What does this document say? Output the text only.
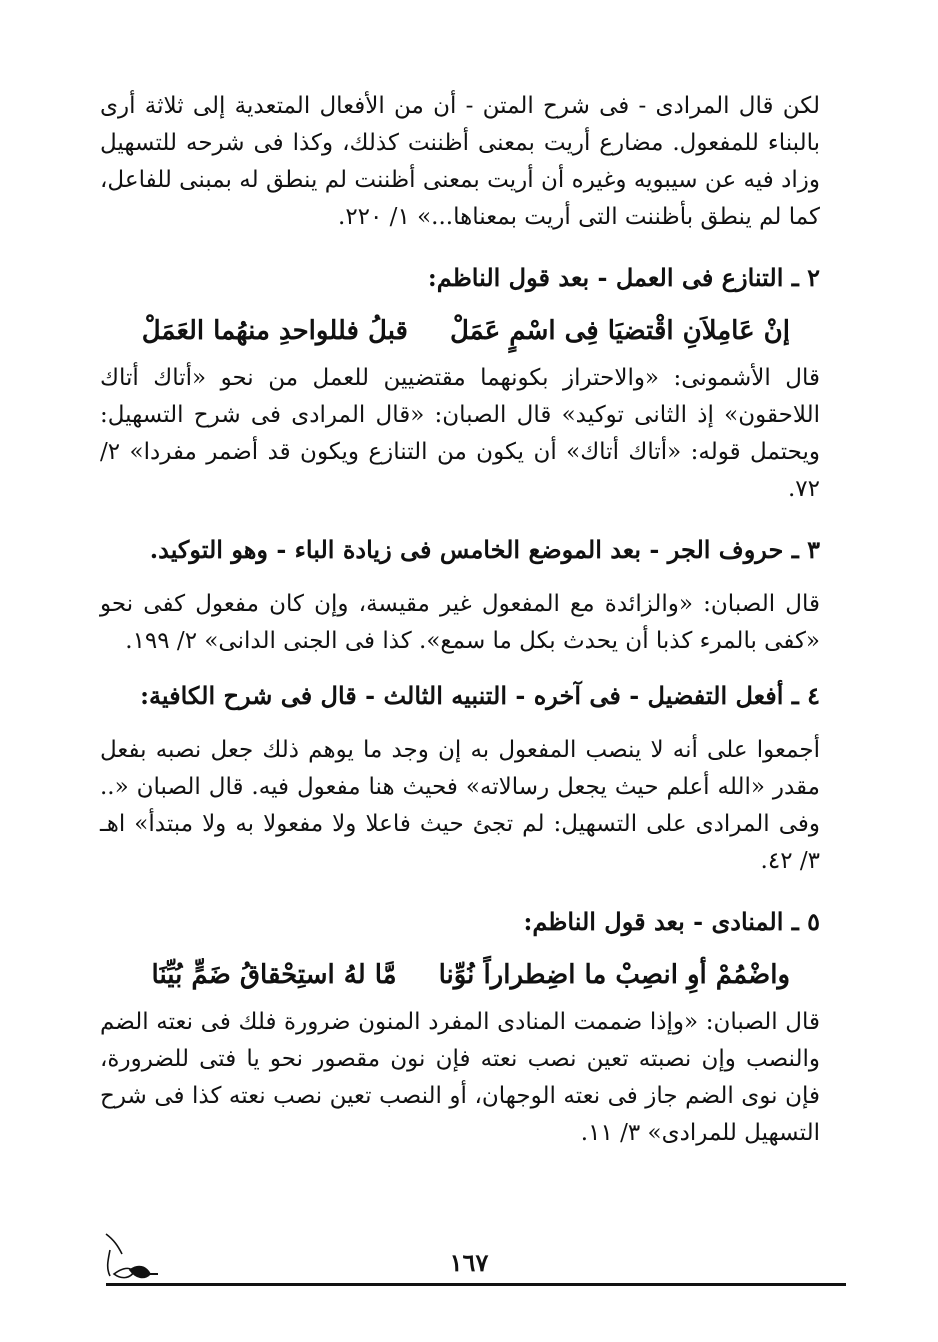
لكن قال المرادى - فى شرح المتن - أن من الأفعال المتعدية إلى ثلاثة أرى بالبناء للمفعول. مضارع أريت بمعنى أظننت كذلك، وكذا فى شرحه للتسهيل وزاد فيه عن سيبويه وغيره أن أريت بمعنى أظننت لم ينطق له بمبنى للفاعل، كما لم ينطق بأظننت التى أريت بمعناها...» ١/ ٢٢٠.

٢ ـ التنازع فى العمل - بعد قول الناظم:

إنْ عَامِلاَنِ اقْتضيَا فِى اسْمٍ عَمَلْ
قبلُ فللواحدِ منهُما العَمَلْ

قال الأشمونى: «والاحتراز بكونهما مقتضيين للعمل من نحو «أتاك أتاك اللاحقون» إذ الثانى توكيد» قال الصبان: «قال المرادى فى شرح التسهيل: ويحتمل قوله: «أتاك أتاك» أن يكون من التنازع ويكون قد أضمر مفردا» ٢/ ٧٢.

٣ ـ حروف الجر - بعد الموضع الخامس فى زيادة الباء - وهو التوكيد.

قال الصبان: «والزائدة مع المفعول غير مقيسة، وإن كان مفعول كفى نحو «كفى بالمرء كذبا أن يحدث بكل ما سمع». كذا فى الجنى الدانى» ٢/ ١٩٩.

٤ ـ أفعل التفضيل - فى آخره - التنبيه الثالث - قال فى شرح الكافية:

أجمعوا على أنه لا ينصب المفعول به إن وجد ما يوهم ذلك جعل نصبه بفعل مقدر «الله أعلم حيث يجعل رسالاته» فحيث هنا مفعول فيه. قال الصبان «.. وفى المرادى على التسهيل: لم تجئ حيث فاعلا ولا مفعولا به ولا مبتدأ» اهـ ٣/ ٤٢.

٥ ـ المنادى - بعد قول الناظم:

واضْمُمْ أوِ انصِبْ ما اضِطراراً نُوِّنا
مَّا لهُ استِحْقاقُ ضَمٍّ بُيِّنَا

قال الصبان: «وإذا ضممت المنادى المفرد المنون ضرورة فلك فى نعته الضم والنصب وإن نصبته تعين نصب نعته فإن نون مقصور نحو يا فتى للضرورة، فإن نوى الضم جاز فى نعته الوجهان، أو النصب تعين نصب نعته كذا فى شرح التسهيل للمرادى» ٣/ ١١.

١٦٧
